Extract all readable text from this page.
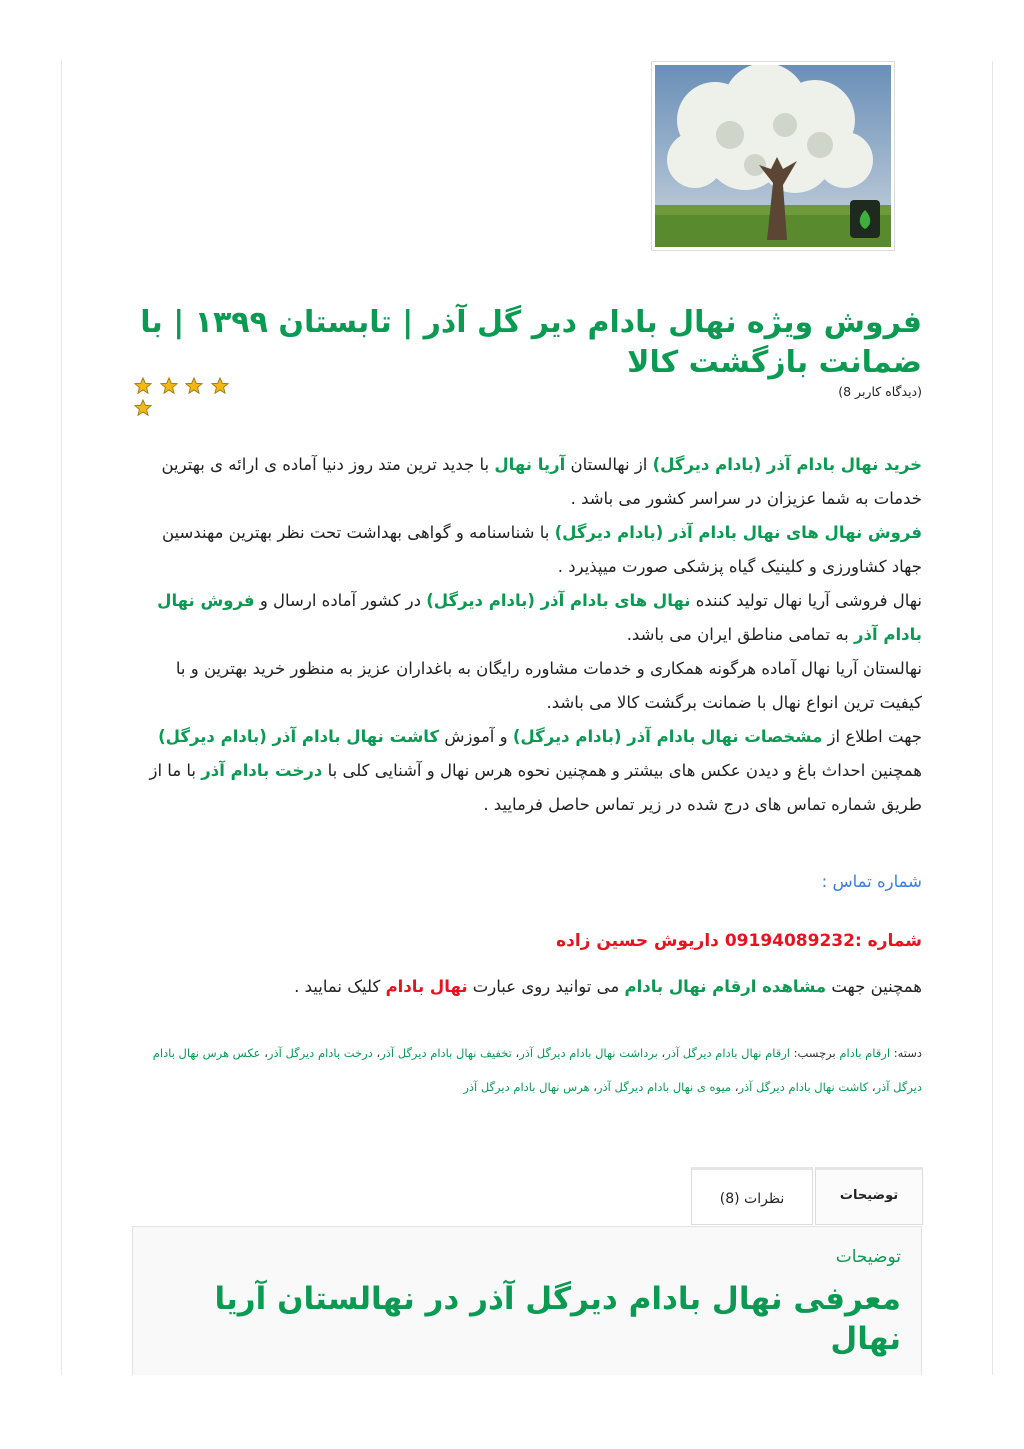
فروش ویژه نهال بادام دیر گل آذر | تابستان ۱۳۹۹ | با ضمانت بازگشت کالا

(دیدگاه کاربر 8)
خرید نهال بادام آذر (بادام دیرگل) از نهالستان آریا نهال با جدید ترین متد روز دنیا آماده ی ارائه ی بهترین خدمات به شما عزیزان در سراسر کشور می باشد .
فروش نهال های نهال بادام آذر (بادام دیرگل) با شناسنامه و گواهی بهداشت تحت نظر بهترین مهندسین جهاد کشاورزی و کلینیک گیاه پزشکی صورت میپذیرد .
نهال فروشی آریا نهال تولید کننده نهال های بادام آذر (بادام دیرگل) در کشور آماده ارسال و فروش نهال بادام آذر به تمامی مناطق ایران می باشد.
نهالستان آریا نهال آماده هرگونه همکاری و خدمات مشاوره رایگان به باغداران عزیز به منظور خرید بهترین و با کیفیت ترین انواع نهال با ضمانت برگشت کالا می باشد.
جهت اطلاع از مشخصات نهال بادام آذر (بادام دیرگل) و آموزش کاشت نهال بادام آذر (بادام دیرگل) همچنین احداث باغ و دیدن عکس های بیشتر و همچنین نحوه هرس نهال و آشنایی کلی با درخت بادام آذر با ما از طریق شماره تماس های درج شده در زیر تماس حاصل فرمایید .
شماره تماس :
شماره :09194089232 داریوش حسین زاده
همچنین جهت مشاهده ارقام نهال بادام می توانید روی عبارت نهال بادام کلیک نمایید .
دسته: ارقام بادام برچسب: ارقام نهال بادام دیرگل آذر، برداشت نهال بادام دیرگل آذر، تخفیف نهال بادام دیرگل آذر، درخت بادام دیرگل آذر، عکس هرس نهال بادام دیرگل آذر، کاشت نهال بادام دیرگل آذر، میوه ی نهال بادام دیرگل آذر، هرس نهال بادام دیرگل آذر
توضیحات
نظرات (8)
توضیحات
معرفی نهال بادام دیرگل آذر در نهالستان آریا نهال
